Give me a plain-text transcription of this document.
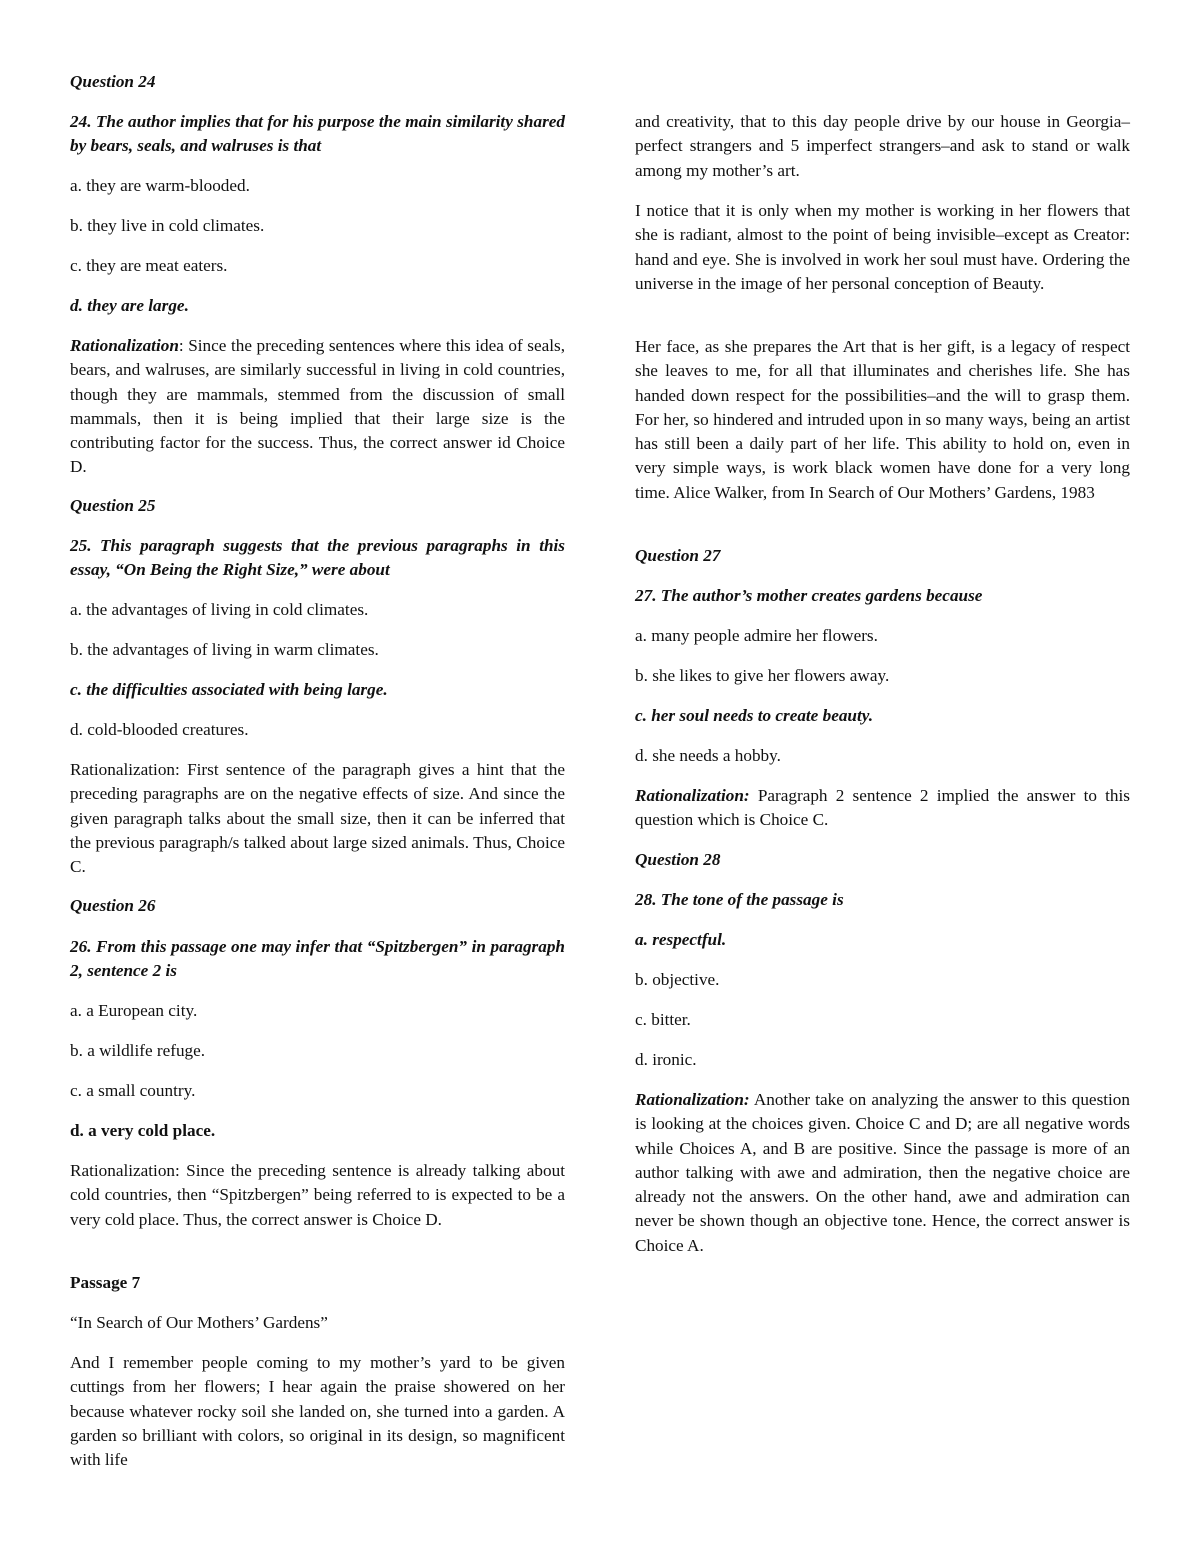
Question 24

24. The author implies that for his purpose the main similarity shared by bears, seals, and walruses is that

a. they are warm-blooded.

b. they live in cold climates.

c. they are meat eaters.

d. they are large.

Rationalization: Since the preceding sentences where this idea of seals, bears, and walruses, are similarly successful in living in cold countries, though they are mammals, stemmed from the discussion of small mammals, then it is being implied that their large size is the contributing factor for the success. Thus, the correct answer id Choice D.

Question 25

25. This paragraph suggests that the previous paragraphs in this essay, “On Being the Right Size,” were about

a. the advantages of living in cold climates.

b. the advantages of living in warm climates.

c. the difficulties associated with being large.

d. cold-blooded creatures.

Rationalization: First sentence of the paragraph gives a hint that the preceding paragraphs are on the negative effects of size. And since the given paragraph talks about the small size, then it can be inferred that the previous paragraph/s talked about large sized animals. Thus, Choice C.

Question 26

26. From this passage one may infer that “Spitzbergen” in paragraph 2, sentence 2 is

a. a European city.

b. a wildlife refuge.

c. a small country.

d. a very cold place.

Rationalization: Since the preceding sentence is already talking about cold countries, then “Spitzbergen” being referred to is expected to be a very cold place. Thus, the correct answer is Choice D.

Passage 7

“In Search of Our Mothers’ Gardens”

And I remember people coming to my mother’s yard to be given cuttings from her flowers; I hear again the praise showered on her because whatever rocky soil she landed on, she turned into a garden. A garden so brilliant with colors, so original in its design, so magnificent with life

and creativity, that to this day people drive by our house in Georgia–perfect strangers and 5 imperfect strangers–and ask to stand or walk among my mother’s art.

I notice that it is only when my mother is working in her flowers that she is radiant, almost to the point of being invisible–except as Creator: hand and eye. She is involved in work her soul must have. Ordering the universe in the image of her personal conception of Beauty.

Her face, as she prepares the Art that is her gift, is a legacy of respect she leaves to me, for all that illuminates and cherishes life. She has handed down respect for the possibilities–and the will to grasp them. For her, so hindered and intruded upon in so many ways, being an artist has still been a daily part of her life. This ability to hold on, even in very simple ways, is work black women have done for a very long time. Alice Walker, from In Search of Our Mothers’ Gardens, 1983

Question 27

27. The author’s mother creates gardens because

a. many people admire her flowers.

b. she likes to give her flowers away.

c. her soul needs to create beauty.

d. she needs a hobby.

Rationalization: Paragraph 2 sentence 2 implied the answer to this question which is Choice C.

Question 28

28. The tone of the passage is

a. respectful.

b. objective.

c. bitter.

d. ironic.

Rationalization: Another take on analyzing the answer to this question is looking at the choices given. Choice C and D; are all negative words while Choices A, and B are positive. Since the passage is more of an author talking with awe and admiration, then the negative choice are already not the answers. On the other hand, awe and admiration can never be shown though an objective tone. Hence, the correct answer is Choice A.
